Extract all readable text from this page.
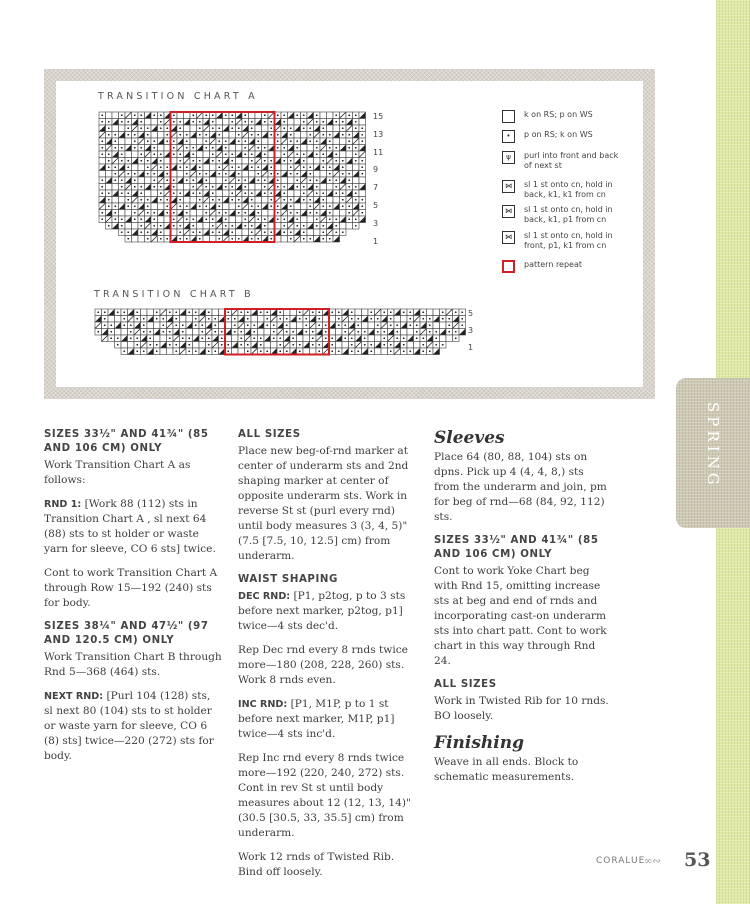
SPRING
TRANSITION CHART A
15
13
11
9
7
5
3
1
TRANSITION CHART B
5
3
1
k on RS; p on WS
•	p on RS; k on WS
ψ	purl into front and back of next st
⋈	sl 1 st onto cn, hold in back, k1, k1 from cn
⋈	sl 1 st onto cn, hold in back, k1, p1 from cn
⋈	sl 1 st onto cn, hold in front, p1, k1 from cn
pattern repeat
SIZES 33½" AND 41¾" (85 AND 106 CM) ONLY

Work Transition Chart A as follows:

RND 1: [Work 88 (112) sts in Transition Chart A , sl next 64 (88) sts to st holder or waste yarn for sleeve, CO 6 sts] twice.

Cont to work Transition Chart A through Row 15—192 (240) sts for body.

SIZES 38¼" AND 47½" (97 AND 120.5 CM) ONLY

Work Transition Chart B through Rnd 5—368 (464) sts.

NEXT RND: [Purl 104 (128) sts, sl next 80 (104) sts to st holder or waste yarn for sleeve, CO 6 (8) sts] twice—220 (272) sts for body.

ALL SIZES

Place new beg-of-rnd marker at center of underarm sts and 2nd shaping marker at center of opposite underarm sts. Work in reverse St st (purl every rnd) until body measures 3 (3, 4, 5)" (7.5 [7.5, 10, 12.5] cm) from underarm.

WAIST SHAPING

DEC RND: [P1, p2tog, p to 3 sts before next marker, p2tog, p1] twice—4 sts dec'd.

Rep Dec rnd every 8 rnds twice more—180 (208, 228, 260) sts. Work 8 rnds even.

INC RND: [P1, M1P, p to 1 st before next marker, M1P, p1] twice—4 sts inc'd.

Rep Inc rnd every 8 rnds twice more—192 (220, 240, 272) sts. Cont in rev St st until body measures about 12 (12, 13, 14)" (30.5 [30.5, 33, 35.5] cm) from underarm.

Work 12 rnds of Twisted Rib. Bind off loosely.

Sleeves

Place 64 (80, 88, 104) sts on dpns. Pick up 4 (4, 4, 8,) sts from the underarm and join, pm for beg of rnd—68 (84, 92, 112) sts.

SIZES 33½" AND 41¾" (85 AND 106 CM) ONLY

Cont to work Yoke Chart beg with Rnd 15, omitting increase sts at beg and end of rnds and incorporating cast-on underarm sts into chart patt. Cont to work chart in this way through Rnd 24.

ALL SIZES

Work in Twisted Rib for 10 rnds. BO loosely.

Finishing

Weave in all ends. Block to schematic measurements.

CORALUE
∞∾ 53
